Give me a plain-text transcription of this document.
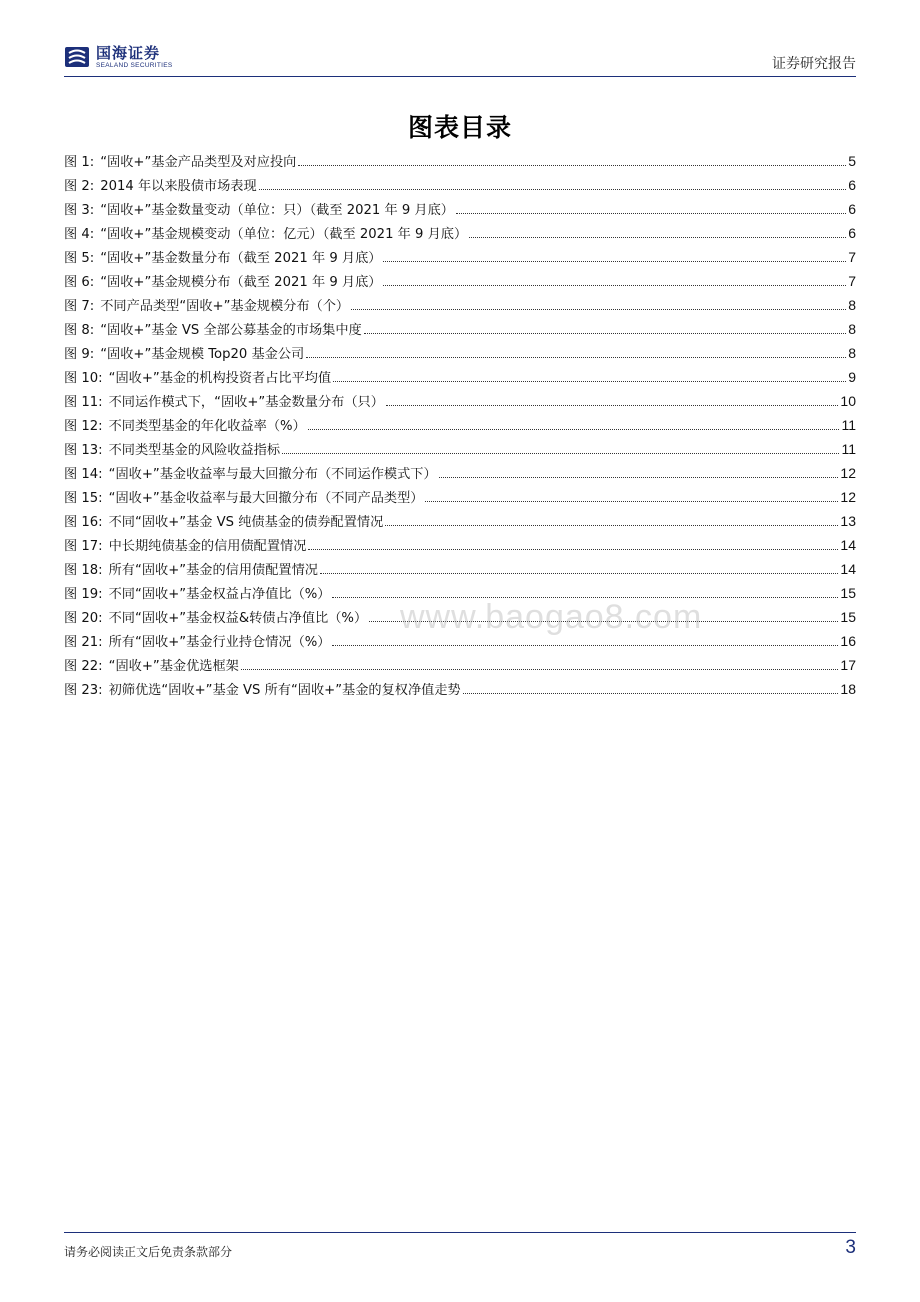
国海证券
SEALAND SECURITIES	证券研究报告
图表目录
图 1: “固收+”基金产品类型及对应投向	5
图 2: 2014 年以来股债市场表现	6
图 3: “固收+”基金数量变动（单位：只）（截至 2021 年 9 月底）	6
图 4: “固收+”基金规模变动（单位：亿元）（截至 2021 年 9 月底）	6
图 5: “固收+”基金数量分布（截至 2021 年 9 月底）	7
图 6: “固收+”基金规模分布（截至 2021 年 9 月底）	7
图 7: 不同产品类型“固收+”基金规模分布（个）	8
图 8: “固收+”基金 VS 全部公募基金的市场集中度	8
图 9: “固收+”基金规模 Top20 基金公司	8
图 10: “固收+”基金的机构投资者占比平均值	9
图 11: 不同运作模式下，“固收+”基金数量分布（只）	10
图 12: 不同类型基金的年化收益率（%）	11
图 13: 不同类型基金的风险收益指标	11
图 14: “固收+”基金收益率与最大回撤分布（不同运作模式下）	12
图 15: “固收+”基金收益率与最大回撤分布（不同产品类型）	12
图 16: 不同“固收+”基金 VS 纯债基金的债券配置情况	13
图 17: 中长期纯债基金的信用债配置情况	14
图 18: 所有“固收+”基金的信用债配置情况	14
图 19: 不同“固收+”基金权益占净值比（%）	15
图 20: 不同“固收+”基金权益&转债占净值比（%）	15
图 21: 所有“固收+”基金行业持仓情况（%）	16
图 22: “固收+”基金优选框架	17
图 23: 初筛优选“固收+”基金 VS 所有“固收+”基金的复权净值走势	18
www.baogao8.com
请务必阅读正文后免责条款部分	3
